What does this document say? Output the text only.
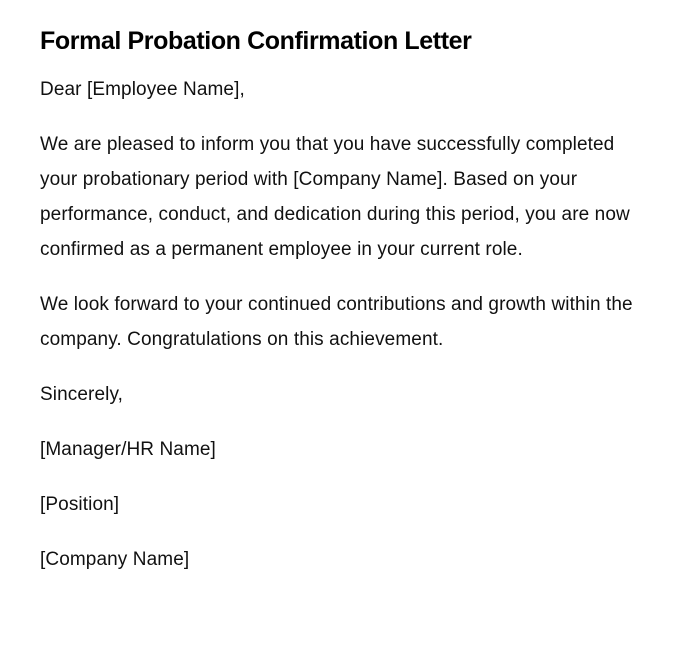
Formal Probation Confirmation Letter

Dear [Employee Name],

We are pleased to inform you that you have successfully completed your probationary period with [Company Name]. Based on your performance, conduct, and dedication during this period, you are now confirmed as a permanent employee in your current role.

We look forward to your continued contributions and growth within the company. Congratulations on this achievement.

Sincerely,

[Manager/HR Name]

[Position]

[Company Name]
